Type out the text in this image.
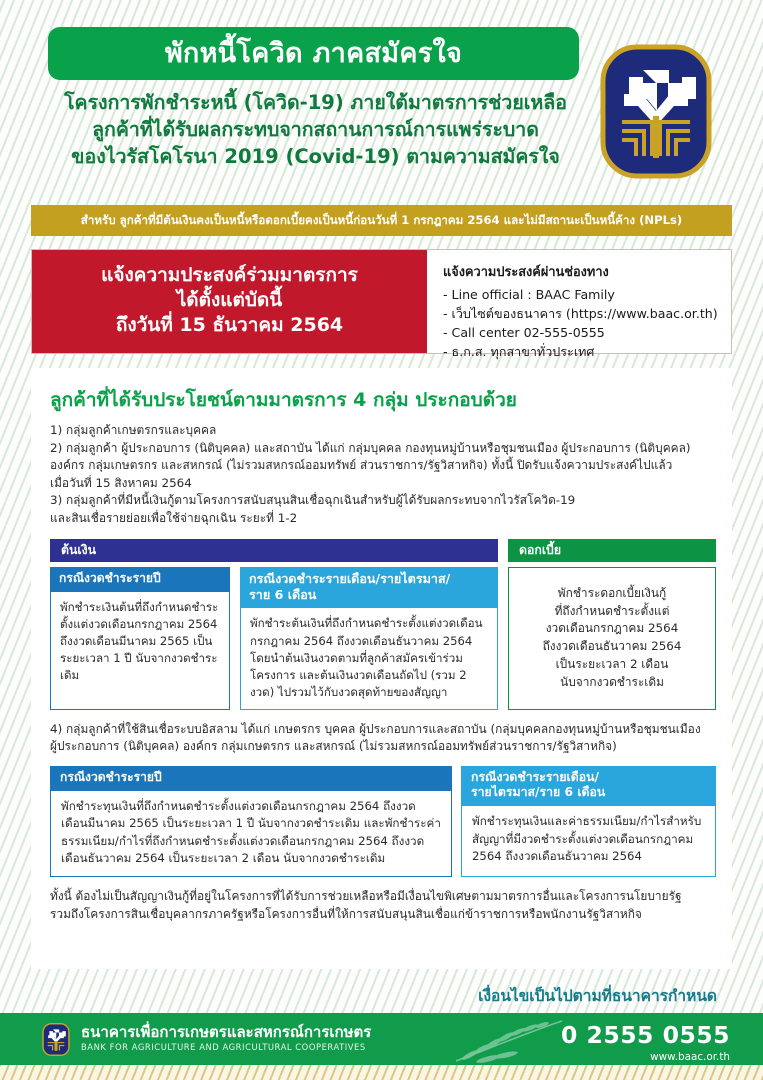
พักหนี้โควิด ภาคสมัครใจ
โครงการพักชำระหนี้ (โควิด-19) ภายใต้มาตรการช่วยเหลือ
ลูกค้าที่ได้รับผลกระทบจากสถานการณ์การแพร่ระบาด
ของไวรัสโคโรนา 2019 (Covid-19) ตามความสมัครใจ
สำหรับ ลูกค้าที่มีต้นเงินคงเป็นหนี้หรือดอกเบี้ยคงเป็นหนี้ก่อนวันที่ 1 กรกฎาคม 2564 และไม่มีสถานะเป็นหนี้ค้าง (NPLs)
แจ้งความประสงค์ร่วมมาตรการ
ได้ตั้งแต่บัดนี้
ถึงวันที่ 15 ธันวาคม 2564
แจ้งความประสงค์ผ่านช่องทาง
- Line official : BAAC Family
- เว็บไซต์ของธนาคาร (https://www.baac.or.th)
- Call center 02-555-0555
- ธ.ก.ส. ทุกสาขาทั่วประเทศ
ลูกค้าที่ได้รับประโยชน์ตามมาตรการ 4 กลุ่ม ประกอบด้วย

1) กลุ่มลูกค้าเกษตรกรและบุคคล

2) กลุ่มลูกค้า ผู้ประกอบการ (นิติบุคคล) และสถาบัน ได้แก่ กลุ่มบุคคล กองทุนหมู่บ้านหรือชุมชนเมือง ผู้ประกอบการ (นิติบุคคล)

องค์กร กลุ่มเกษตรกร และสหกรณ์ (ไม่รวมสหกรณ์ออมทรัพย์ ส่วนราชการ/รัฐวิสาหกิจ) ทั้งนี้ ปิดรับแจ้งความประสงค์ไปแล้ว

เมื่อวันที่ 15 สิงหาคม 2564

3) กลุ่มลูกค้าที่มีหนี้เงินกู้ตามโครงการสนับสนุนสินเชื่อฉุกเฉินสำหรับผู้ได้รับผลกระทบจากไวรัสโควิด-19

และสินเชื่อรายย่อยเพื่อใช้จ่ายฉุกเฉิน ระยะที่ 1-2

ต้นเงิน	ดอกเบี้ย
กรณีงวดชำระรายปี
พักชำระเงินต้นที่ถึงกำหนดชำระตั้งแต่งวดเดือนกรกฎาคม 2564 ถึงงวดเดือนมีนาคม 2565 เป็นระยะเวลา 1 ปี นับจากงวดชำระเดิม
กรณีงวดชำระรายเดือน/รายไตรมาส/
ราย 6 เดือน
พักชำระต้นเงินที่ถึงกำหนดชำระตั้งแต่งวดเดือนกรกฎาคม 2564 ถึงงวดเดือนธันวาคม 2564 โดยนำต้นเงินงวดตามที่ลูกค้าสมัครเข้าร่วมโครงการ และต้นเงินงวดเดือนถัดไป (รวม 2 งวด) ไปรวมไว้กับงวดสุดท้ายของสัญญา
พักชำระดอกเบี้ยเงินกู้
ที่ถึงกำหนดชำระตั้งแต่
งวดเดือนกรกฎาคม 2564
ถึงงวดเดือนธันวาคม 2564
เป็นระยะเวลา 2 เดือน
นับจากงวดชำระเดิม

4) กลุ่มลูกค้าที่ใช้สินเชื่อระบบอิสลาม ได้แก่ เกษตรกร บุคคล ผู้ประกอบการและสถาบัน (กลุ่มบุคคลกองทุนหมู่บ้านหรือชุมชนเมือง

ผู้ประกอบการ (นิติบุคคล) องค์กร กลุ่มเกษตรกร และสหกรณ์ (ไม่รวมสหกรณ์ออมทรัพย์ส่วนราชการ/รัฐวิสาหกิจ)

กรณีงวดชำระรายปี
พักชำระทุนเงินที่ถึงกำหนดชำระตั้งแต่งวดเดือนกรกฎาคม 2564 ถึงงวดเดือนมีนาคม 2565 เป็นระยะเวลา 1 ปี นับจากงวดชำระเดิม และพักชำระค่าธรรมเนียม/กำไรที่ถึงกำหนดชำระตั้งแต่งวดเดือนกรกฎาคม 2564 ถึงงวดเดือนธันวาคม 2564 เป็นระยะเวลา 2 เดือน นับจากงวดชำระเดิม
กรณีงวดชำระรายเดือน/
รายไตรมาส/ราย 6 เดือน
พักชำระทุนเงินและค่าธรรมเนียม/กำไรสำหรับสัญญาที่มีงวดชำระตั้งแต่งวดเดือนกรกฎาคม 2564 ถึงงวดเดือนธันวาคม 2564

ทั้งนี้ ต้องไม่เป็นสัญญาเงินกู้ที่อยู่ในโครงการที่ได้รับการช่วยเหลือหรือมีเงื่อนไขพิเศษตามมาตรการอื่นและโครงการนโยบายรัฐ

รวมถึงโครงการสินเชื่อบุคลากรภาครัฐหรือโครงการอื่นที่ให้การสนับสนุนสินเชื่อแก่ข้าราชการหรือพนักงานรัฐวิสาหกิจ

เงื่อนไขเป็นไปตามที่ธนาคารกำหนด
ธนาคารเพื่อการเกษตรและสหกรณ์การเกษตร
BANK FOR AGRICULTURE AND AGRICULTURAL COOPERATIVES	0 2555 0555
www.baac.or.th
